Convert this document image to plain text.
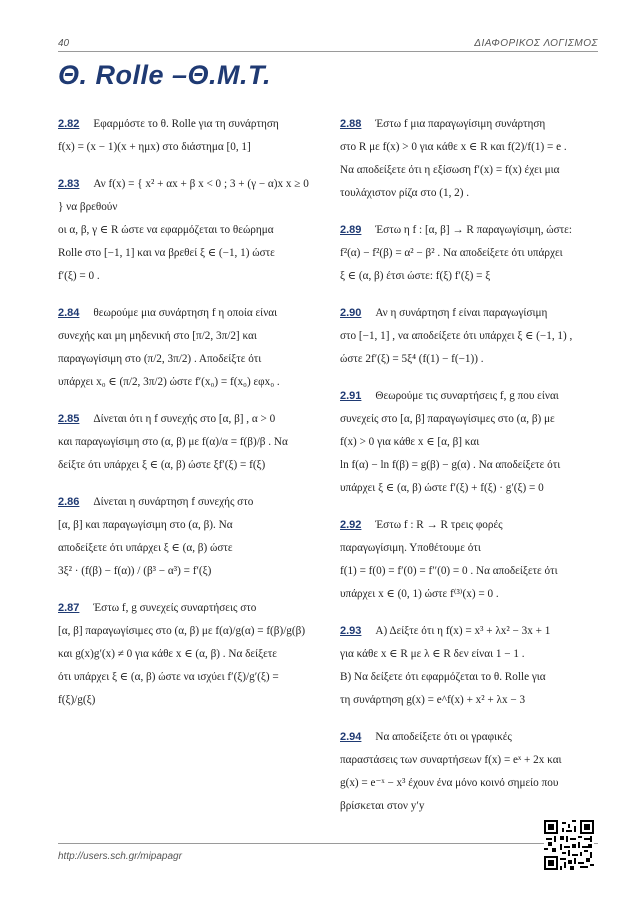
40	ΔΙΑΦΟΡΙΚΟΣ ΛΟΓΙΣΜΟΣ
Θ. Rolle –Θ.Μ.Τ.

2.82 Εφαρμόστε το θ. Rolle για τη συνάρτηση

f(x) = (x − 1)(x + ημx) στο διάστημα [0, 1]

2.83 Αν f(x) = { x² + αx + β x < 0 ; 3 + (γ − α)x x ≥ 0 } να βρεθούν

οι α, β, γ ∈ R ώστε να εφαρμόζεται το θεώρημα

Rolle στο [−1, 1] και να βρεθεί ξ ∈ (−1, 1) ώστε

f′(ξ) = 0 .

2.84 θεωρούμε μια συνάρτηση f η οποία είναι

συνεχής και μη μηδενική στο [π/2, 3π/2] και

παραγωγίσιμη στο (π/2, 3π/2) . Αποδείξτε ότι

υπάρχει x₀ ∈ (π/2, 3π/2) ώστε f′(x₀) = f(x₀) εφx₀ .

2.85 Δίνεται ότι η f συνεχής στο [α, β] , α > 0

και παραγωγίσιμη στο (α, β) με f(α)/α = f(β)/β . Να

δείξτε ότι υπάρχει ξ ∈ (α, β) ώστε ξf′(ξ) = f(ξ)

2.86 Δίνεται η συνάρτηση f συνεχής στο

[α, β] και παραγωγίσιμη στο (α, β). Να

αποδείξετε ότι υπάρχει ξ ∈ (α, β) ώστε

3ξ² · (f(β) − f(α)) / (β³ − α³) = f′(ξ)

2.87 Έστω f, g συνεχείς συναρτήσεις στο

[α, β] παραγωγίσιμες στο (α, β) με f(α)/g(α) = f(β)/g(β)

και g(x)g′(x) ≠ 0 για κάθε x ∈ (α, β) . Να δείξετε

ότι υπάρχει ξ ∈ (α, β) ώστε να ισχύει f′(ξ)/g′(ξ) = f(ξ)/g(ξ)

2.88 Έστω f μια παραγωγίσιμη συνάρτηση

στο R με f(x) > 0 για κάθε x ∈ R και f(2)/f(1) = e .

Να αποδείξετε ότι η εξίσωση f′(x) = f(x) έχει μια

τουλάχιστον ρίζα στο (1, 2) .

2.89 Έστω η f : [α, β] → R παραγωγίσιμη, ώστε:

f²(α) − f²(β) = α² − β² . Να αποδείξετε ότι υπάρχει

ξ ∈ (α, β) έτσι ώστε: f(ξ) f′(ξ) = ξ

2.90 Αν η συνάρτηση f είναι παραγωγίσιμη

στο [−1, 1] , να αποδείξετε ότι υπάρχει ξ ∈ (−1, 1) ,

ώστε 2f′(ξ) = 5ξ⁴ (f(1) − f(−1)) .

2.91 Θεωρούμε τις συναρτήσεις f, g που είναι

συνεχείς στο [α, β] παραγωγίσιμες στο (α, β) με

f(x) > 0 για κάθε x ∈ [α, β] και

ln f(α) − ln f(β) = g(β) − g(α) . Να αποδείξετε ότι

υπάρχει ξ ∈ (α, β) ώστε f′(ξ) + f(ξ) · g′(ξ) = 0

2.92 Έστω f : R → R τρεις φορές

παραγωγίσιμη. Υποθέτουμε ότι

f(1) = f(0) = f′(0) = f′′(0) = 0 . Να αποδείξετε ότι

υπάρχει x ∈ (0, 1) ώστε f⁽³⁾(x) = 0 .

2.93 Α) Δείξτε ότι η f(x) = x³ + λx² − 3x + 1

για κάθε x ∈ R με λ ∈ R δεν είναι 1 − 1 .

Β) Να δείξετε ότι εφαρμόζεται το θ. Rolle για

τη συνάρτηση g(x) = e^f(x) + x² + λx − 3

2.94 Να αποδείξετε ότι οι γραφικές

παραστάσεις των συναρτήσεων f(x) = eˣ + 2x και

g(x) = e⁻ˣ − x³ έχουν ένα μόνο κοινό σημείο που

βρίσκεται στον y′y

http://users.sch.gr/mipapagr
